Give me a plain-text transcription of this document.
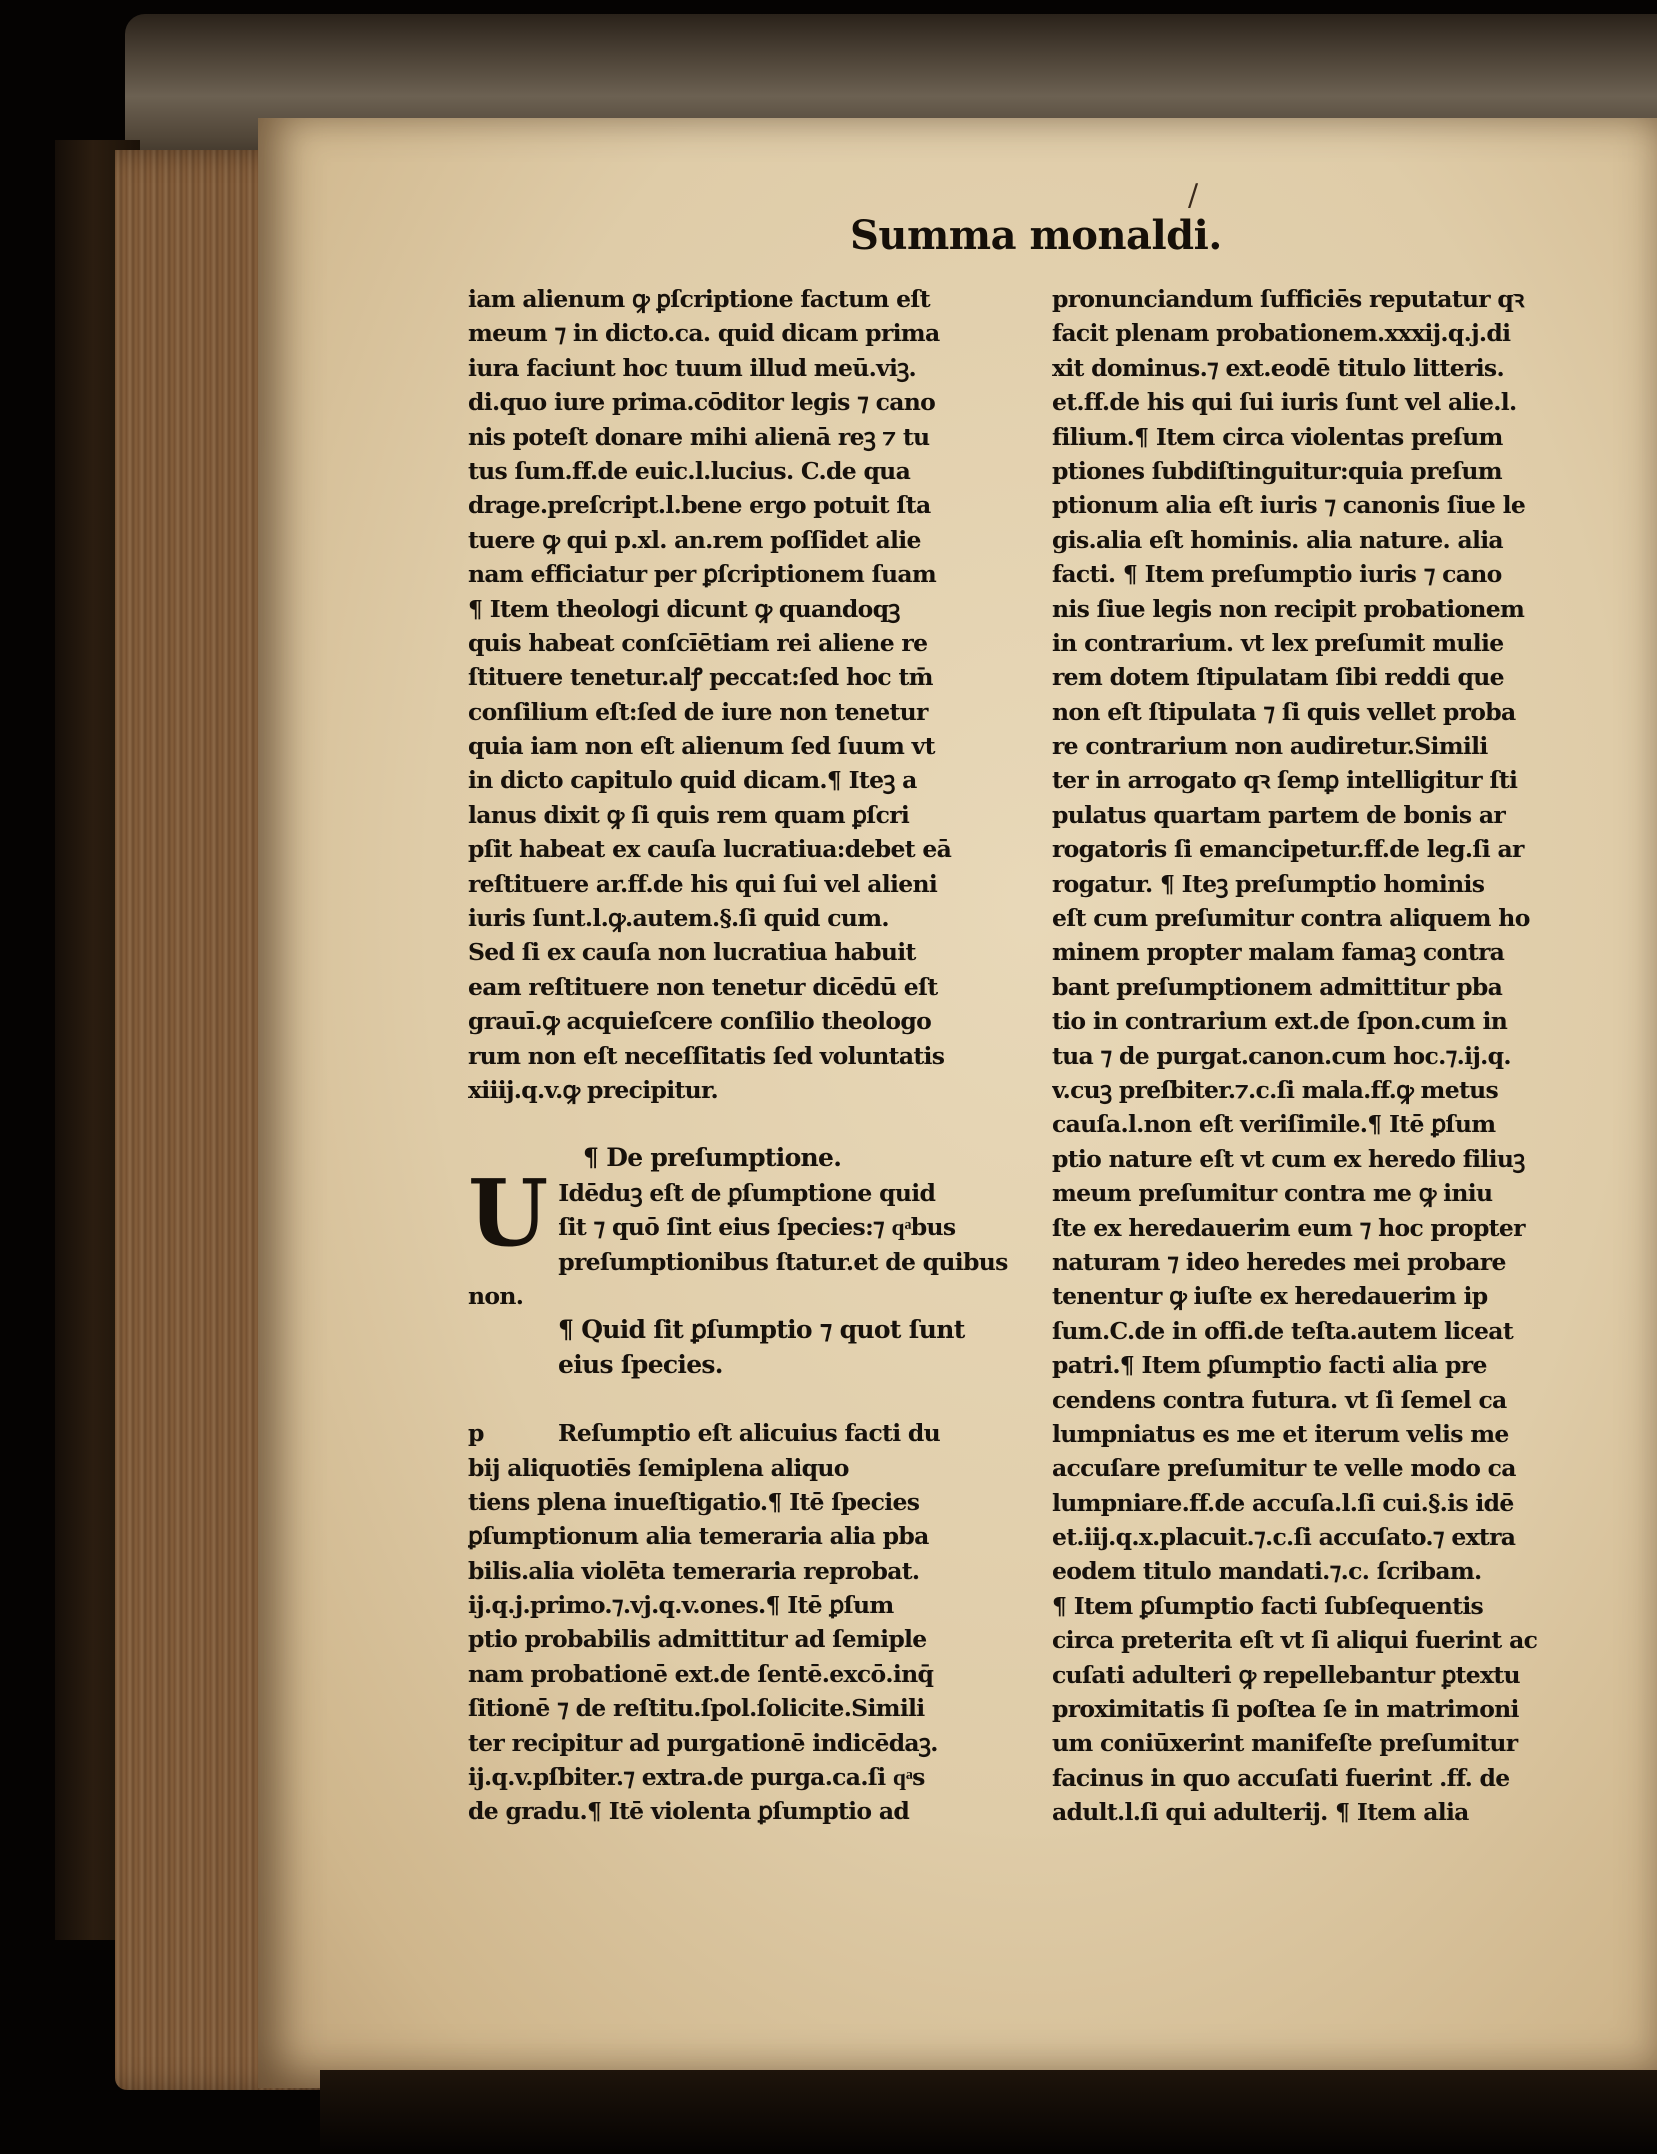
Summa monaldi.
/
iam alienum ꝙ ꝑſcriptione factum eſt
meum ⁊ in dicto.ca. quid dicam prima
iura faciunt hoc tuum illud meū.viꝫ.
di.quo iure prima.cōditor legis ⁊ cano
nis poteſt donare mihi alienā reꝫ ⁊ tu
tus ſum.ff.de euic.l.lucius. C.de qua
drage.preſcript.l.bene ergo potuit ſta
tuere ꝙ qui p.xl. an.rem poſſidet alie
nam efficiatur per ꝑſcriptionem ſuam
¶ Item theologi dicunt ꝙ quandoqꝫ
quis habeat conſcīētiam rei aliene re
ſtituere tenetur.alꝭ peccat:ſed hoc tm̄
conſilium eſt:ſed de iure non tenetur
quia iam non eſt alienum ſed ſuum vt
in dicto capitulo quid dicam.¶ Iteꝫ a
lanus dixit ꝙ ſi quis rem quam ꝑſcri
pſit habeat ex cauſa lucratiua:debet eā
reſtituere ar.ff.de his qui ſui vel alieni
iuris ſunt.l.ꝙ.autem.§.ſi quid cum.
Sed ſi ex cauſa non lucratiua habuit
eam reſtituere non tenetur dicēdū eſt
grauī.ꝙ acquieſcere conſilio theologo
rum non eſt neceſſitatis ſed voluntatis
xiiij.q.v.ꝙ precipitur.
¶ De preſumptione.
U Idēduꝫ eſt de ꝑſumptione quid
ſit ⁊ quō ſint eius ſpecies:⁊ qͣbus
preſumptionibus ſtatur.et de quibus
non.
¶ Quid ſit ꝑſumptio ⁊ quot ſunt
eius ſpecies.
p	Reſumptio eſt alicuius facti du
bij aliquotiēs ſemiplena aliquo
tiens plena inueſtigatio.¶ Itē ſpecies
ꝑſumptionum alia temeraria alia pba
bilis.alia violēta temeraria reprobat.
ij.q.j.primo.⁊.vj.q.v.ones.¶ Itē ꝑſum
ptio probabilis admittitur ad ſemiple
nam probationē ext.de ſentē.excō.inq̄
ſitionē ⁊ de reſtitu.ſpol.ſolicite.Simili
ter recipitur ad purgationē indicēdaꝫ.
ij.q.v.pſbiter.⁊ extra.de purga.ca.ſi qͣs
de gradu.¶ Itē violenta ꝑſumptio ad
pronunciandum ſufficiēs reputatur qꝛ
facit plenam probationem.xxxij.q.j.di
xit dominus.⁊ ext.eodē titulo litteris.
et.ff.de his qui ſui iuris ſunt vel alie.l.
filium.¶ Item circa violentas preſum
ptiones ſubdiſtinguitur:quia preſum
ptionum alia eſt iuris ⁊ canonis ſiue le
gis.alia eſt hominis. alia nature. alia
facti. ¶ Item preſumptio iuris ⁊ cano
nis ſiue legis non recipit probationem
in contrarium. vt lex preſumit mulie
rem dotem ſtipulatam ſibi reddi que
non eſt ſtipulata ⁊ ſi quis vellet proba
re contrarium non audiretur.Simili
ter in arrogato qꝛ ſemꝑ intelligitur ſti
pulatus quartam partem de bonis ar
rogatoris ſi emancipetur.ff.de leg.ſi ar
rogatur. ¶ Iteꝫ preſumptio hominis
eſt cum preſumitur contra aliquem ho
minem propter malam famaꝫ contra
bant preſumptionem admittitur pba
tio in contrarium ext.de ſpon.cum in
tua ⁊ de purgat.canon.cum hoc.⁊.ij.q.
v.cuꝫ preſbiter.⁊.c.ſi mala.ff.ꝙ metus
cauſa.l.non eſt veriſimile.¶ Itē ꝑſum
ptio nature eſt vt cum ex heredo filiuꝫ
meum preſumitur contra me ꝙ iniu
ſte ex heredauerim eum ⁊ hoc propter
naturam ⁊ ideo heredes mei probare
tenentur ꝙ iuſte ex heredauerim ip
ſum.C.de in offi.de teſta.autem liceat
patri.¶ Item ꝑſumptio facti alia pre
cendens contra futura. vt ſi ſemel ca
lumpniatus es me et iterum velis me
accuſare preſumitur te velle modo ca
lumpniare.ff.de accuſa.l.ſi cui.§.is idē
et.iij.q.x.placuit.⁊.c.ſi accuſato.⁊ extra
eodem titulo mandati.⁊.c. ſcribam.
¶ Item ꝑſumptio facti ſubſequentis
circa preterita eſt vt ſi aliqui fuerint ac
cuſati adulteri ꝙ repellebantur ꝑtextu
proximitatis ſi poſtea ſe in matrimoni
um coniūxerint manifeſte preſumitur
facinus in quo accuſati fuerint .ff. de
adult.l.ſi qui adulterij. ¶ Item alia
